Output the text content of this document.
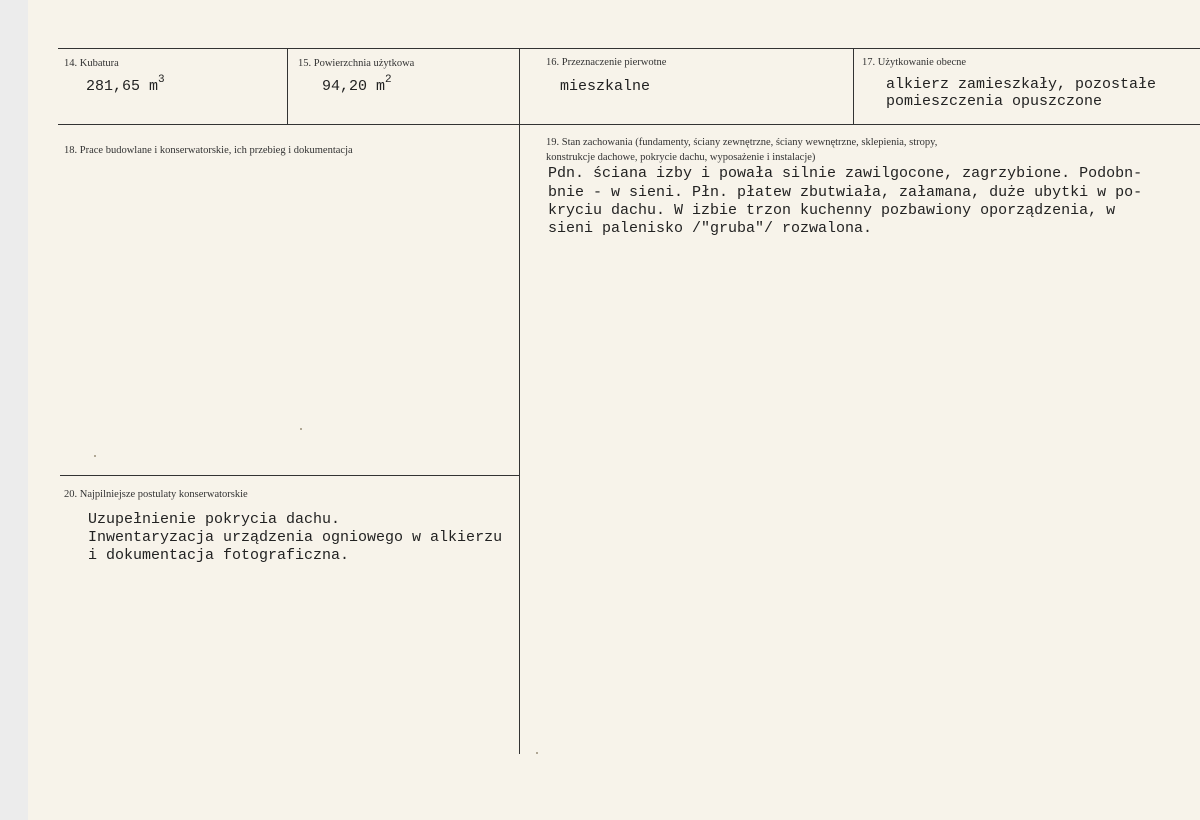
14. Kubatura
281,65 $m^3$
15. Powierzchnia użytkowa
94,20 $m^2$
16. Przeznaczenie pierwotne
mieszkalne
17. Użytkowanie obecne
alkierz zamieszkały, pozostałe
pomieszczenia opuszczone
18. Prace budowlane i konserwatorskie, ich przebieg i dokumentacja
19. Stan zachowania (fundamenty, ściany zewnętrzne, ściany wewnętrzne, sklepienia, stropy,
konstrukcje dachowe, pokrycie dachu, wyposażenie i instalacje)
Pdn. ściana izby i powała silnie zawilgocone, zagrzybione. Podobn-
bnie - w sieni. Płn. płatew zbutwiała, załamana, duże ubytki w po-
kryciu dachu. W izbie trzon kuchenny pozbawiony oporządzenia, w
sieni palenisko /"gruba"/ rozwalona.
20. Najpilniejsze postulaty konserwatorskie
Uzupełnienie pokrycia dachu.
Inwentaryzacja urządzenia ogniowego w alkierzu
i dokumentacja fotograficzna.
